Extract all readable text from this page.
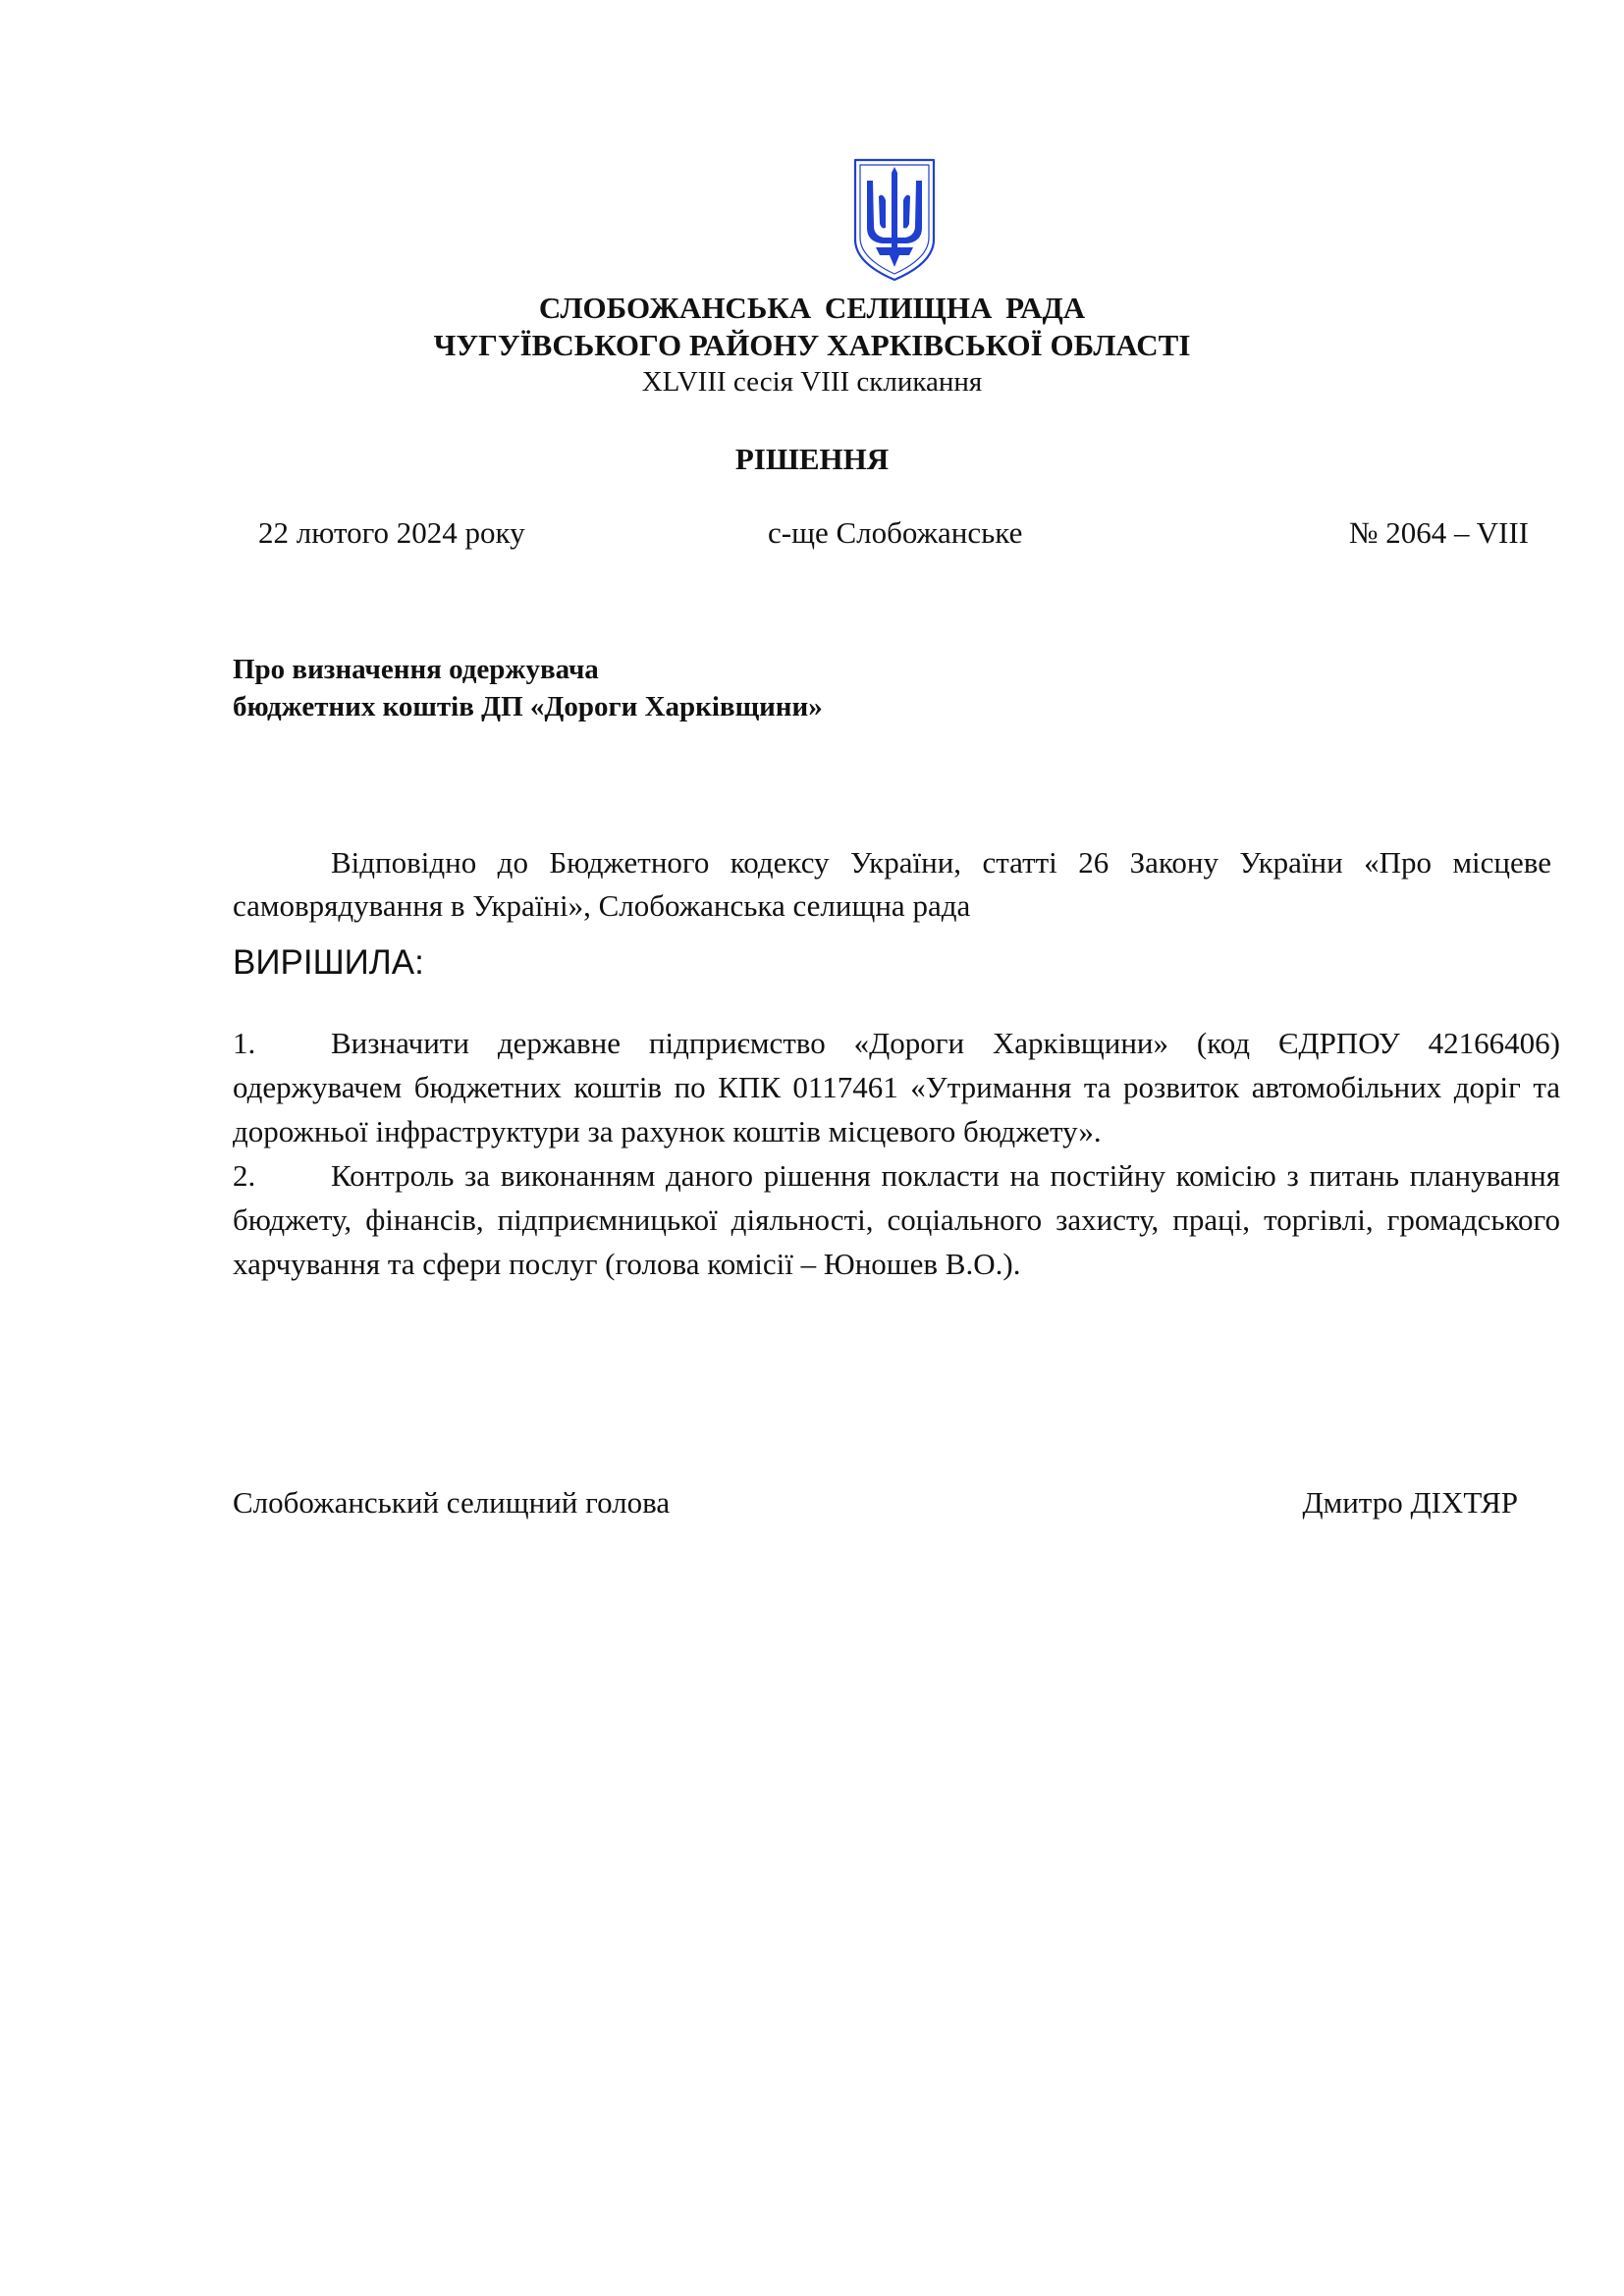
СЛОБОЖАНСЬКА СЕЛИЩНА РАДА
ЧУГУЇВСЬКОГО РАЙОНУ ХАРКІВСЬКОЇ ОБЛАСТІ
XLVIII сесія VIII скликання
РІШЕННЯ
22 лютого 2024 року	с-ще Слобожанське	№ 2064 – VIII
Про визначення одержувача
бюджетних коштів ДП «Дороги Харківщини»

Відповідно до Бюджетного кодексу України, статті 26 Закону України «Про місцеве самоврядування в Україні», Слобожанська селищна рада

ВИРІШИЛА:

1. Визначити державне підприємство «Дороги Харківщини» (код ЄДРПОУ 42166406) одержувачем бюджетних коштів по КПК 0117461 «Утримання та розвиток автомобільних доріг та дорожньої інфраструктури за рахунок коштів місцевого бюджету».

2. Контроль за виконанням даного рішення покласти на постійну комісію з питань планування бюджету, фінансів, підприємницької діяльності, соціального захисту, праці, торгівлі, громадського харчування та сфери послуг (голова комісії – Юношев В.О.).

Слобожанський селищний голова	Дмитро ДІХТЯР
